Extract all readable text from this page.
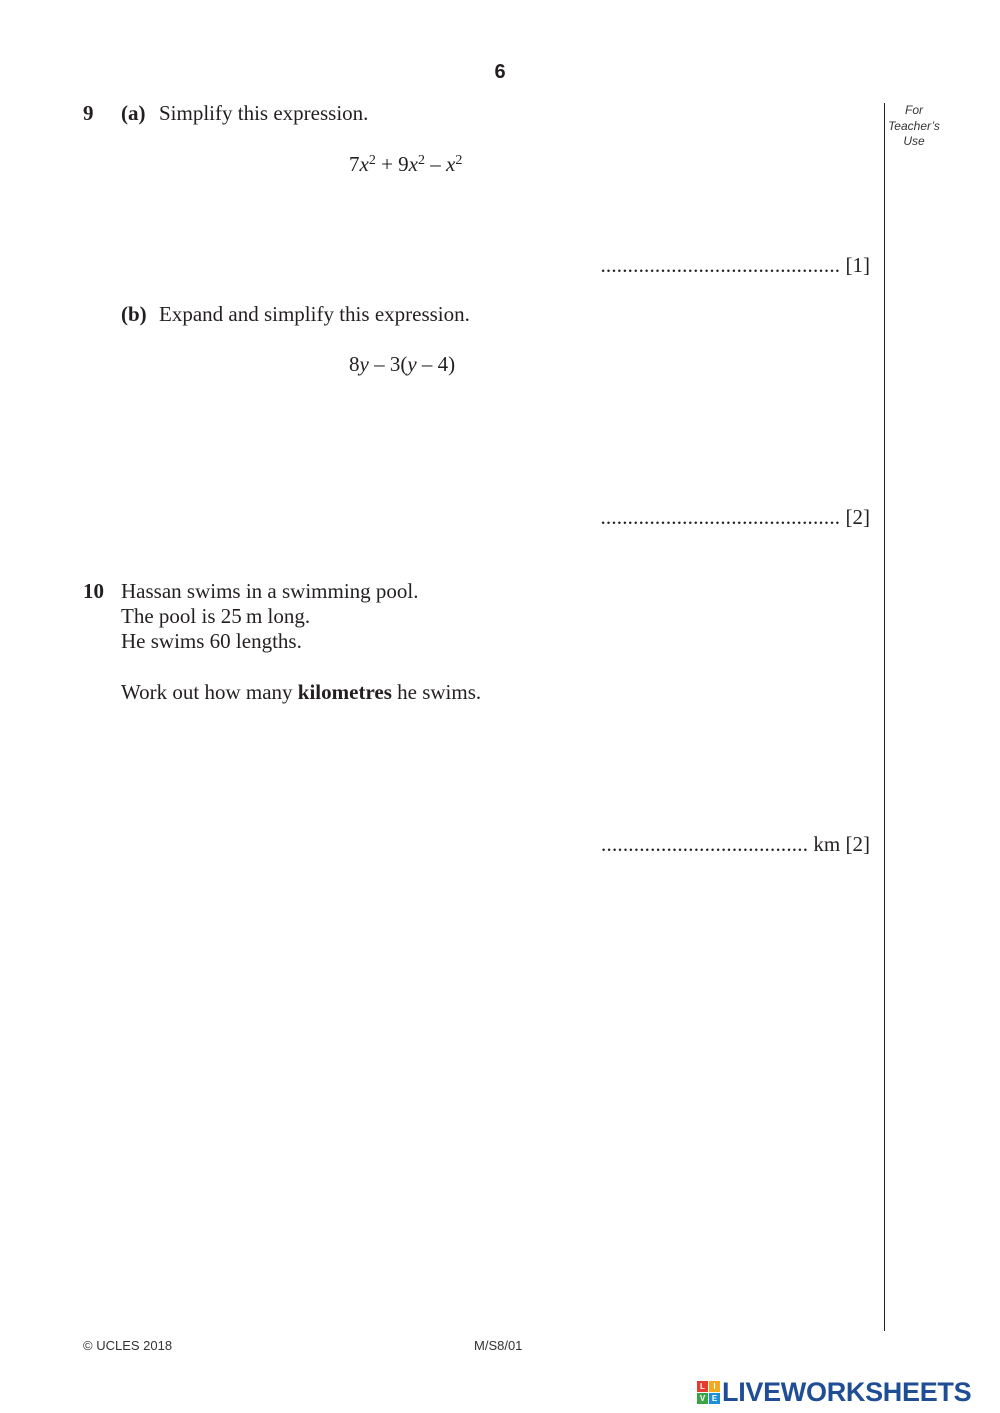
6
For
Teacher’s
Use
9 (a) Simplify this expression.
$7x^2 + 9x^2 - x^2$
............................................ [1]
(b) Expand and simplify this expression.
8y – 3(y – 4)
............................................ [2]
10 Hassan swims in a swimming pool.
The pool is 25 m long.
He swims 60 lengths.
Work out how many kilometres he swims.
...................................... km [2]
© UCLES 2018	M/S8/01
L	I
V E LIVEWORKSHEETS
